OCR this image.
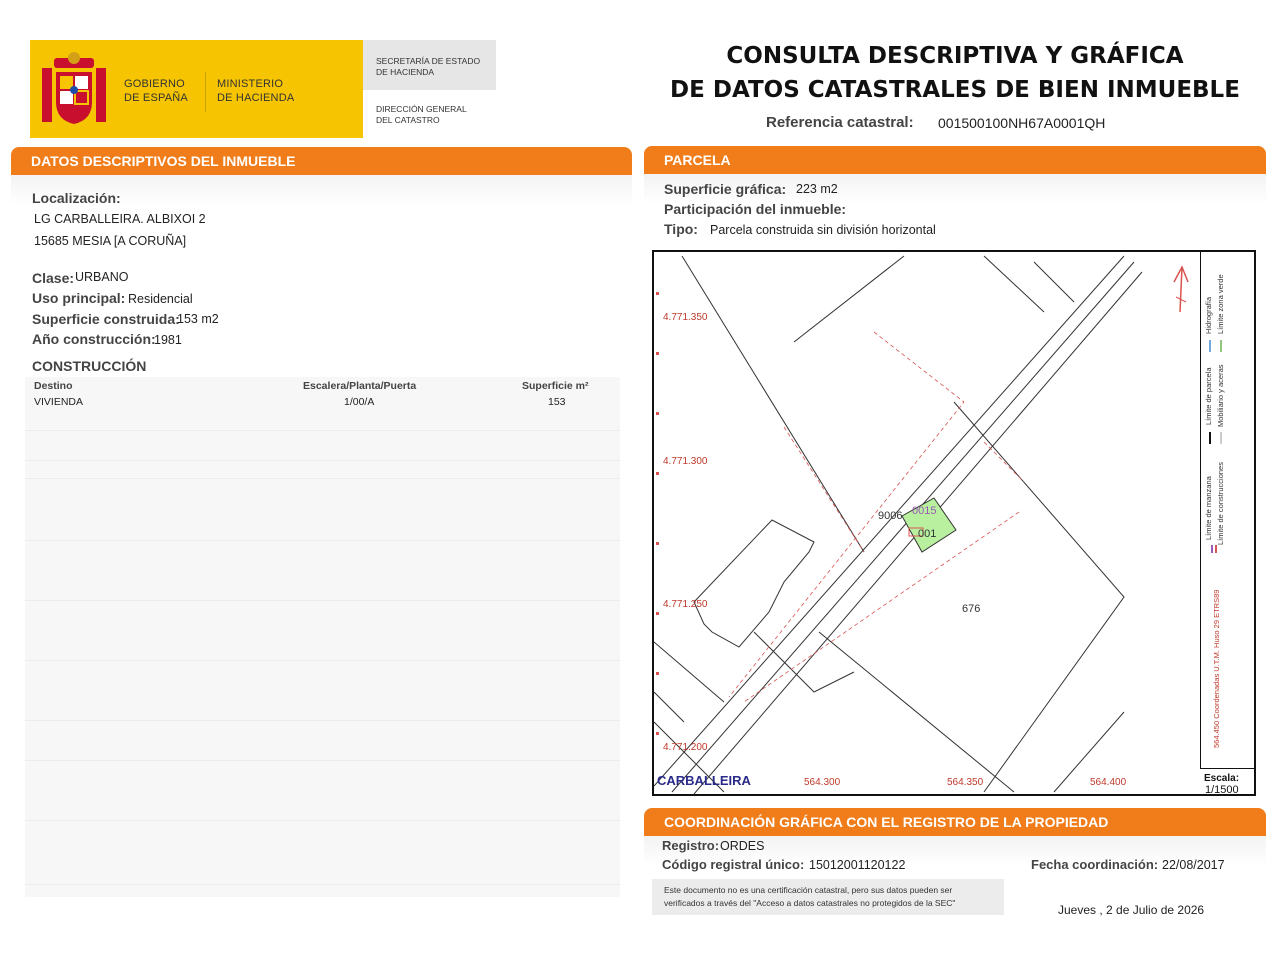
GOBIERNO
DE ESPAÑA
MINISTERIO
DE HACIENDA
SECRETARÍA DE ESTADO
DE HACIENDA
DIRECCIÓN GENERAL
DEL CATASTRO
CONSULTA DESCRIPTIVA Y GRÁFICA
DE DATOS CATASTRALES DE BIEN INMUEBLE
Referencia catastral: 001500100NH67A0001QH
DATOS DESCRIPTIVOS DEL INMUEBLE
Localización:
LG CARBALLEIRA. ALBIXOI 2
15685 MESIA [A CORUÑA]
Clase: URBANO
Uso principal: Residencial
Superficie construida:
153 m2
Año construcción:
1981
CONSTRUCCIÓN
Destino	Escalera/Planta/Puerta	Superficie m²
VIVIENDA	1/00/A	153
PARCELA
Superficie gráfica: 223 m2
Participación del inmueble:
Tipo: Parcela construida sin división horizontal
4.771.350
4.771.300
4.771.250
4.771.200
564.300	564.350	564.400
CARBALLEIRA
9006 0015
001
676
Límite de manzana Límite de construcciones
Límite de parcela Mobiliario y aceras
Hidrografía Límite zona verde
564.450 Coordenadas U.T.M. Huso 29 ETRS89
Escala:
1/1500
COORDINACIÓN GRÁFICA CON EL REGISTRO DE LA PROPIEDAD
Registro: ORDES
Código registral único: 15012001120122	Fecha coordinación: 22/08/2017
Este documento no es una certificación catastral, pero sus datos pueden ser
verificados a través del "Acceso a datos catastrales no protegidos de la SEC"	Jueves , 2 de Julio de 2026
